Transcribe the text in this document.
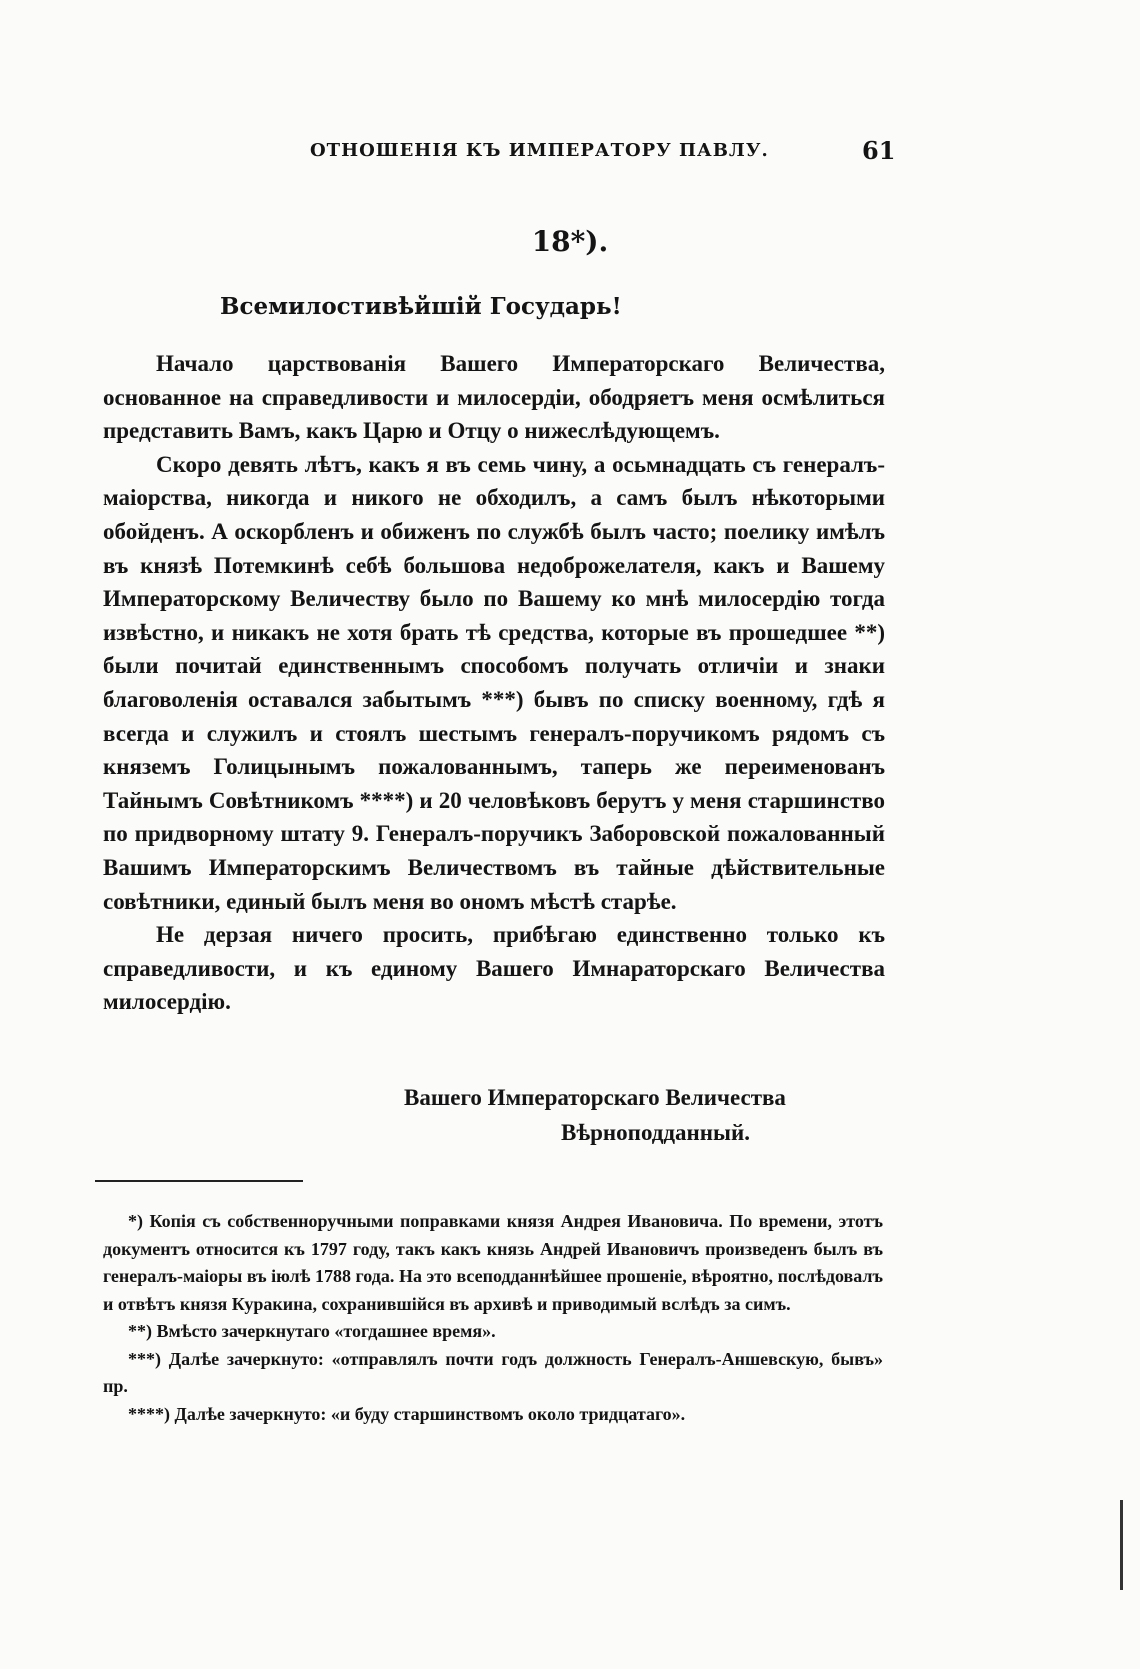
ОТНОШЕНІЯ КЪ ИМПЕРАТОРУ ПАВЛУ.	61
18*).
Всемилостивѣйшій Государь!

Начало царствованія Вашего Императорскаго Величества, основанное на справедливости и милосердіи, ободряетъ меня осмѣлиться представить Вамъ, какъ Царю и Отцу о нижеслѣдующемъ.

Скоро девять лѣтъ, какъ я въ семь чину, а осьмнадцать съ генералъ-маіорства, никогда и никого не обходилъ, а самъ былъ нѣкоторыми обойденъ. А оскорбленъ и обиженъ по службѣ былъ часто; поелику имѣлъ въ князѣ Потемкинѣ себѣ большова недоброжелателя, какъ и Вашему Императорскому Величеству было по Вашему ко мнѣ милосердію тогда извѣстно, и никакъ не хотя брать тѣ средства, которые въ прошедшее **) были почитай единственнымъ способомъ получать отличіи и знаки благоволенія оставался забытымъ ***) бывъ по списку военному, гдѣ я всегда и служилъ и стоялъ шестымъ генералъ-поручикомъ рядомъ съ княземъ Голицынымъ пожалованнымъ, таперь же переименованъ Тайнымъ Совѣтникомъ ****) и 20 человѣковъ берутъ у меня старшинство по придворному штату 9. Генералъ-поручикъ Заборовской пожалованный Вашимъ Императорскимъ Величествомъ въ тайные дѣйствительные совѣтники, единый былъ меня во ономъ мѣстѣ старѣе.

Не дерзая ничего просить, прибѣгаю единственно только къ справедливости, и къ единому Вашего Имнараторскаго Величества милосердію.

Вашего Императорскаго Величества
Вѣрноподданный.

*) Копія съ собственноручными поправками князя Андрея Ивановича. По времени, этотъ документъ относится къ 1797 году, такъ какъ князь Андрей Ивановичъ произведенъ былъ въ генералъ-маіоры въ іюлѣ 1788 года. На это всеподданнѣйшее прошеніе, вѣроятно, послѣдовалъ и отвѣтъ князя Куракина, сохранившійся въ архивѣ и приводимый вслѣдъ за симъ.

**) Вмѣсто зачеркнутаго «тогдашнее время».

***) Далѣе зачеркнуто: «отправлялъ почти годъ должность Генералъ-Аншевскую, бывъ» пр.

****) Далѣе зачеркнуто: «и буду старшинствомъ около тридцатаго».
